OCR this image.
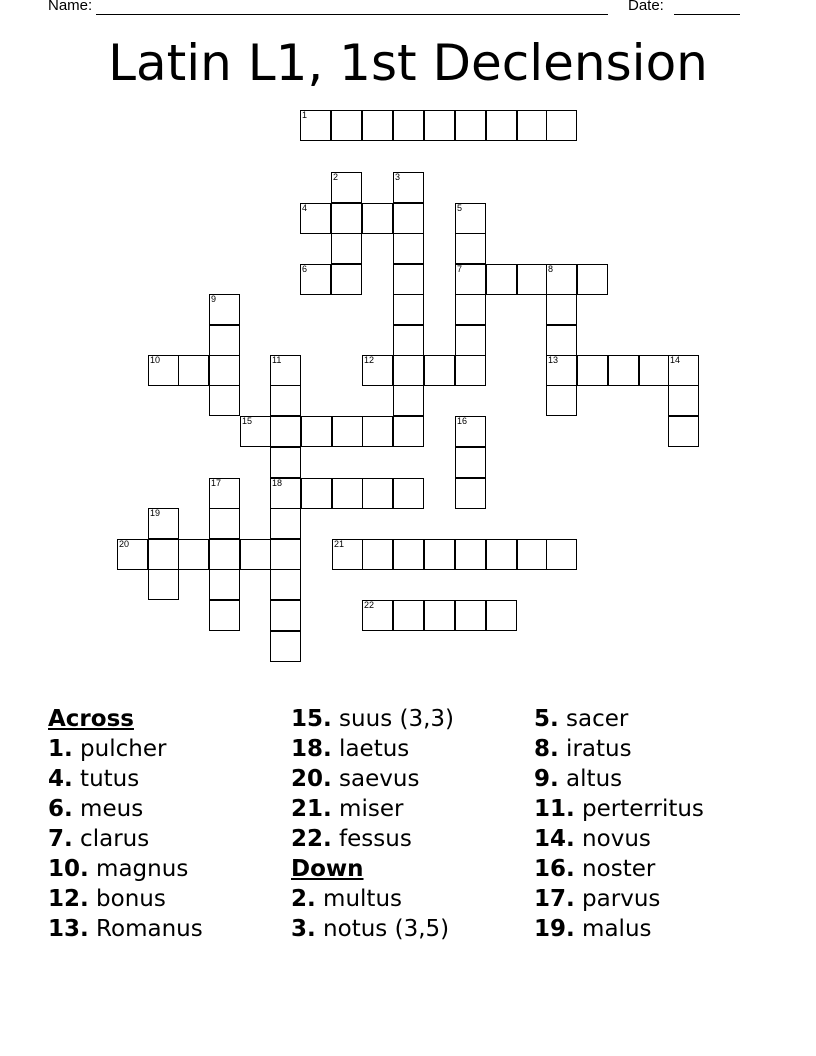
Name:	Date:
Latin L1, 1st Declension
1
2	3
4	5
6	7	8
9
10	11	12	13	14
15	16
17	18
19
20	21
22
Across
1. pulcher
4. tutus
6. meus
7. clarus
10. magnus
12. bonus
13. Romanus
15. suus (3,3)
18. laetus
20. saevus
21. miser
22. fessus
Down
2. multus
3. notus (3,5)
5. sacer
8. iratus
9. altus
11. perterritus
14. novus
16. noster
17. parvus
19. malus
